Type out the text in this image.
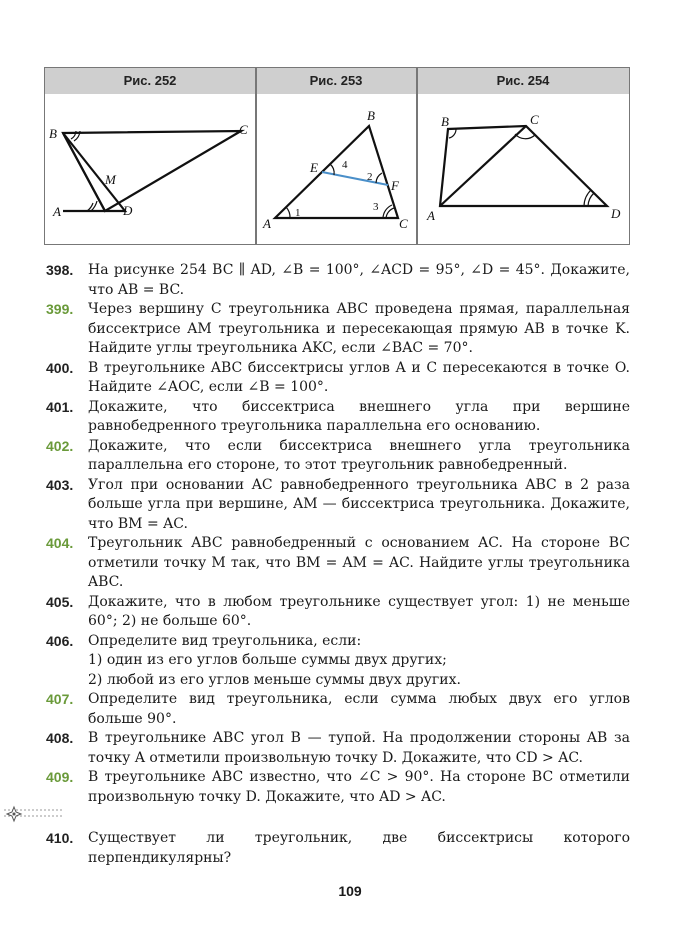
Рис. 252	Рис. 253	Рис. 254
B	C
M
A	D
B
E 4
2
F
1	3
A	C
B	C
A	D
398.	На рисунке 254 BC ∥ AD, ∠B = 100°, ∠ACD = 95°, ∠D = 45°. Докажите, что AB = BC.
399.	Через вершину C треугольника ABC проведена прямая, параллельная биссектрисе AM треугольника и пересекающая прямую AB в точке K. Найдите углы треугольника AKC, если ∠BAC = 70°.
400.	В треугольнике ABC биссектрисы углов A и C пересекаются в точке O. Найдите ∠AOC, если ∠B = 100°.
401.	Докажите, что биссектриса внешнего угла при вершине равнобедренного треугольника параллельна его основанию.
402.	Докажите, что если биссектриса внешнего угла треугольника параллельна его стороне, то этот треугольник равнобедренный.
403.	Угол при основании AC равнобедренного треугольника ABC в 2 раза больше угла при вершине, AM — биссектриса треугольника. Докажите, что BM = AC.
404.	Треугольник ABC равнобедренный с основанием AC. На стороне BC отметили точку M так, что BM = AM = AC. Найдите углы треугольника ABC.
405.	Докажите, что в любом треугольнике существует угол: 1) не меньше 60°; 2) не больше 60°.
406.	Определите вид треугольника, если:
1) один из его углов больше суммы двух других;
2) любой из его углов меньше суммы двух других.
407.	Определите вид треугольника, если сумма любых двух его углов больше 90°.
408.	В треугольнике ABC угол B — тупой. На продолжении стороны AB за точку A отметили произвольную точку D. Докажите, что CD > AC.
409.	В треугольнике ABC известно, что ∠C > 90°. На стороне BC отметили произвольную точку D. Докажите, что AD > AC.
410.	Существует ли треугольник, две биссектрисы которого перпендикулярны?
109
